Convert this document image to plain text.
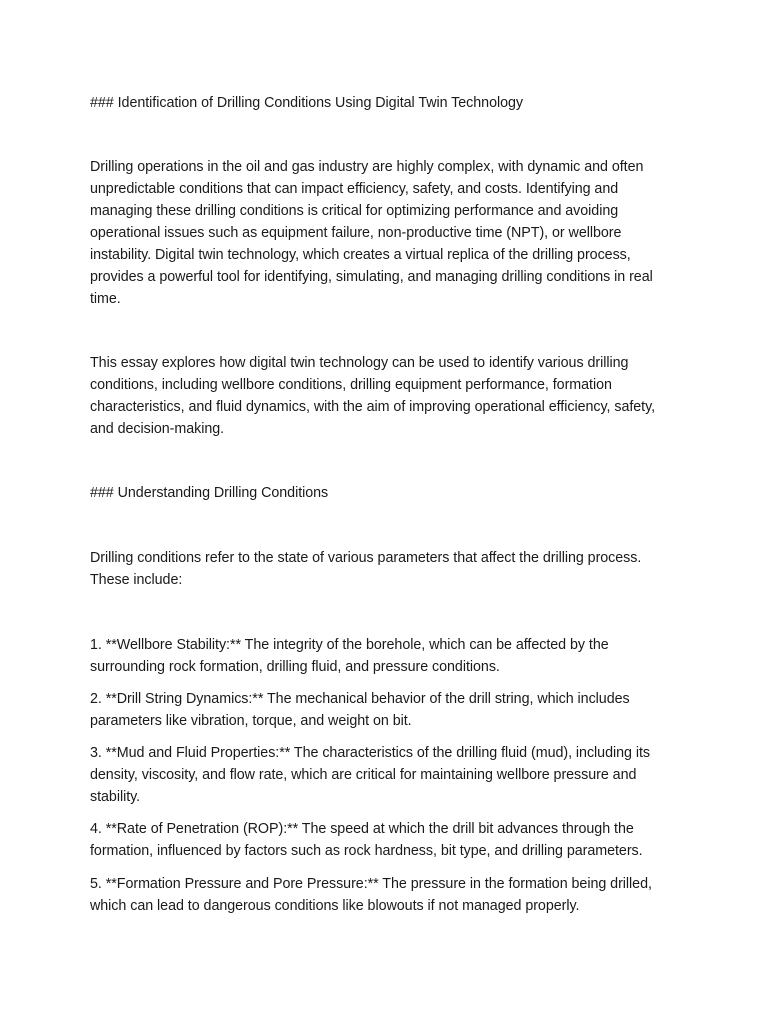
### Identification of Drilling Conditions Using Digital Twin Technology

Drilling operations in the oil and gas industry are highly complex, with dynamic and often unpredictable conditions that can impact efficiency, safety, and costs. Identifying and managing these drilling conditions is critical for optimizing performance and avoiding operational issues such as equipment failure, non-productive time (NPT), or wellbore instability. Digital twin technology, which creates a virtual replica of the drilling process, provides a powerful tool for identifying, simulating, and managing drilling conditions in real time.

This essay explores how digital twin technology can be used to identify various drilling conditions, including wellbore conditions, drilling equipment performance, formation characteristics, and fluid dynamics, with the aim of improving operational efficiency, safety, and decision-making.

### Understanding Drilling Conditions

Drilling conditions refer to the state of various parameters that affect the drilling process. These include:

1. **Wellbore Stability:** The integrity of the borehole, which can be affected by the surrounding rock formation, drilling fluid, and pressure conditions.

2. **Drill String Dynamics:** The mechanical behavior of the drill string, which includes parameters like vibration, torque, and weight on bit.

3. **Mud and Fluid Properties:** The characteristics of the drilling fluid (mud), including its density, viscosity, and flow rate, which are critical for maintaining wellbore pressure and stability.

4. **Rate of Penetration (ROP):** The speed at which the drill bit advances through the formation, influenced by factors such as rock hardness, bit type, and drilling parameters.

5. **Formation Pressure and Pore Pressure:** The pressure in the formation being drilled, which can lead to dangerous conditions like blowouts if not managed properly.
